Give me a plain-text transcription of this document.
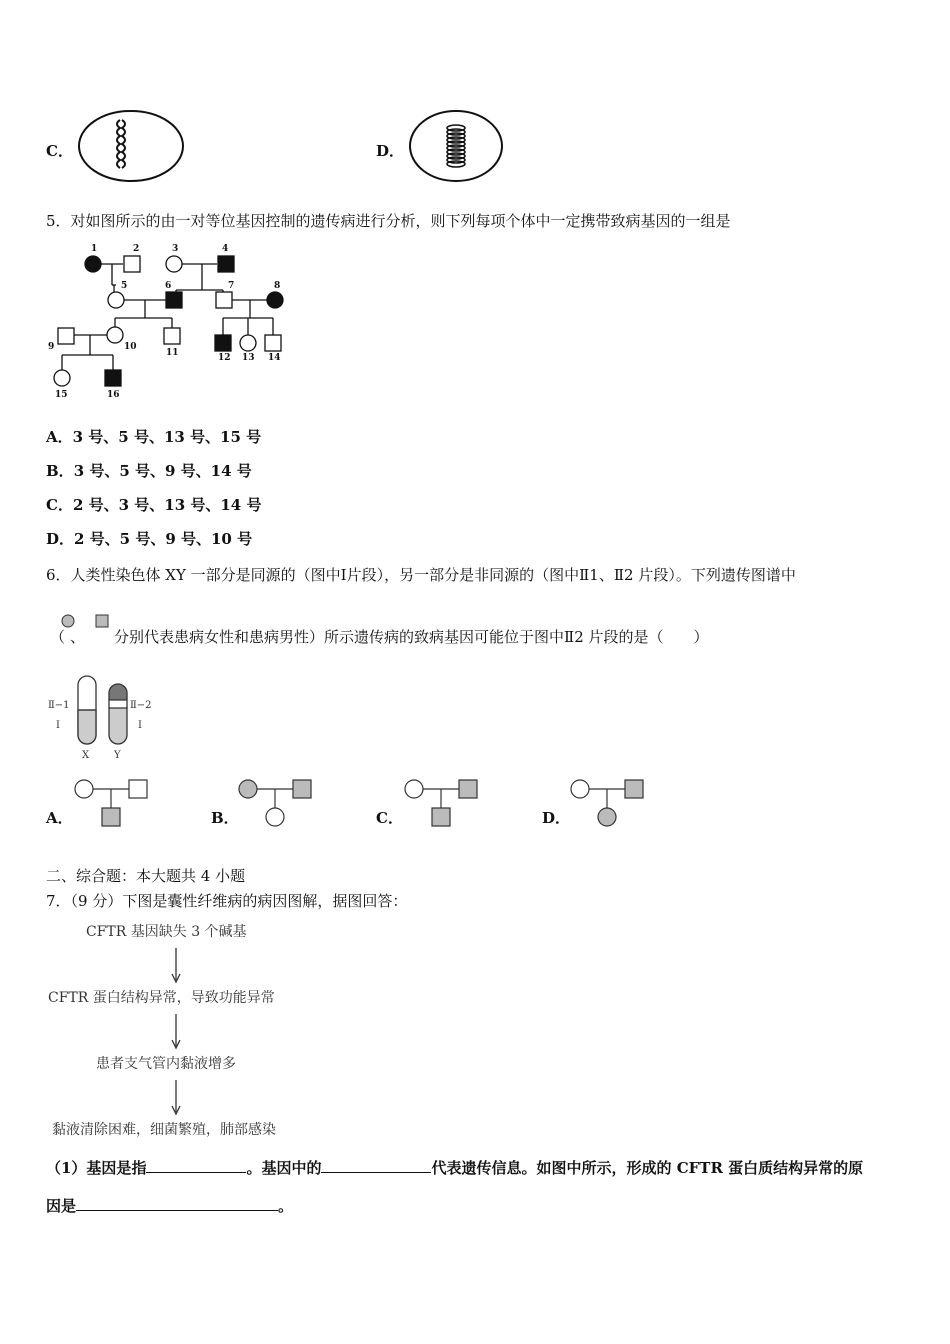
C．	D．
5．对如图所示的由一对等位基因控制的遗传病进行分析，则下列每项个体中一定携带致病基因的一组是
1	2	3	4
5	6	7	8
9	10
11	12 13 14
15	16
A．3 号、5 号、13 号、15 号
B．3 号、5 号、9 号、14 号
C．2 号、3 号、13 号、14 号
D．2 号、5 号、9 号、10 号
6．人类性染色体 XY 一部分是同源的（图中Ⅰ片段），另一部分是非同源的（图中Ⅱ1、Ⅱ2 片段）。下列遗传图谱中
（ 、 分别代表患病女性和患病男性）所示遗传病的致病基因可能位于图中Ⅱ2 片段的是（　　）
Ⅱ−1
Ⅰ
Ⅱ−2
Ⅰ
X Y
A．	B．	C．	D．
二、综合题：本大题共 4 小题
7．（9 分）下图是囊性纤维病的病因图解，据图回答：
CFTR 基因缺失 3 个碱基
CFTR 蛋白结构异常，导致功能异常
患者支气管内黏液增多
黏液清除困难，细菌繁殖，肺部感染
（1）基因是指	。基因中的	代表遗传信息。如图中所示，形成的 CFTR 蛋白质结构异常的原
因是	。
